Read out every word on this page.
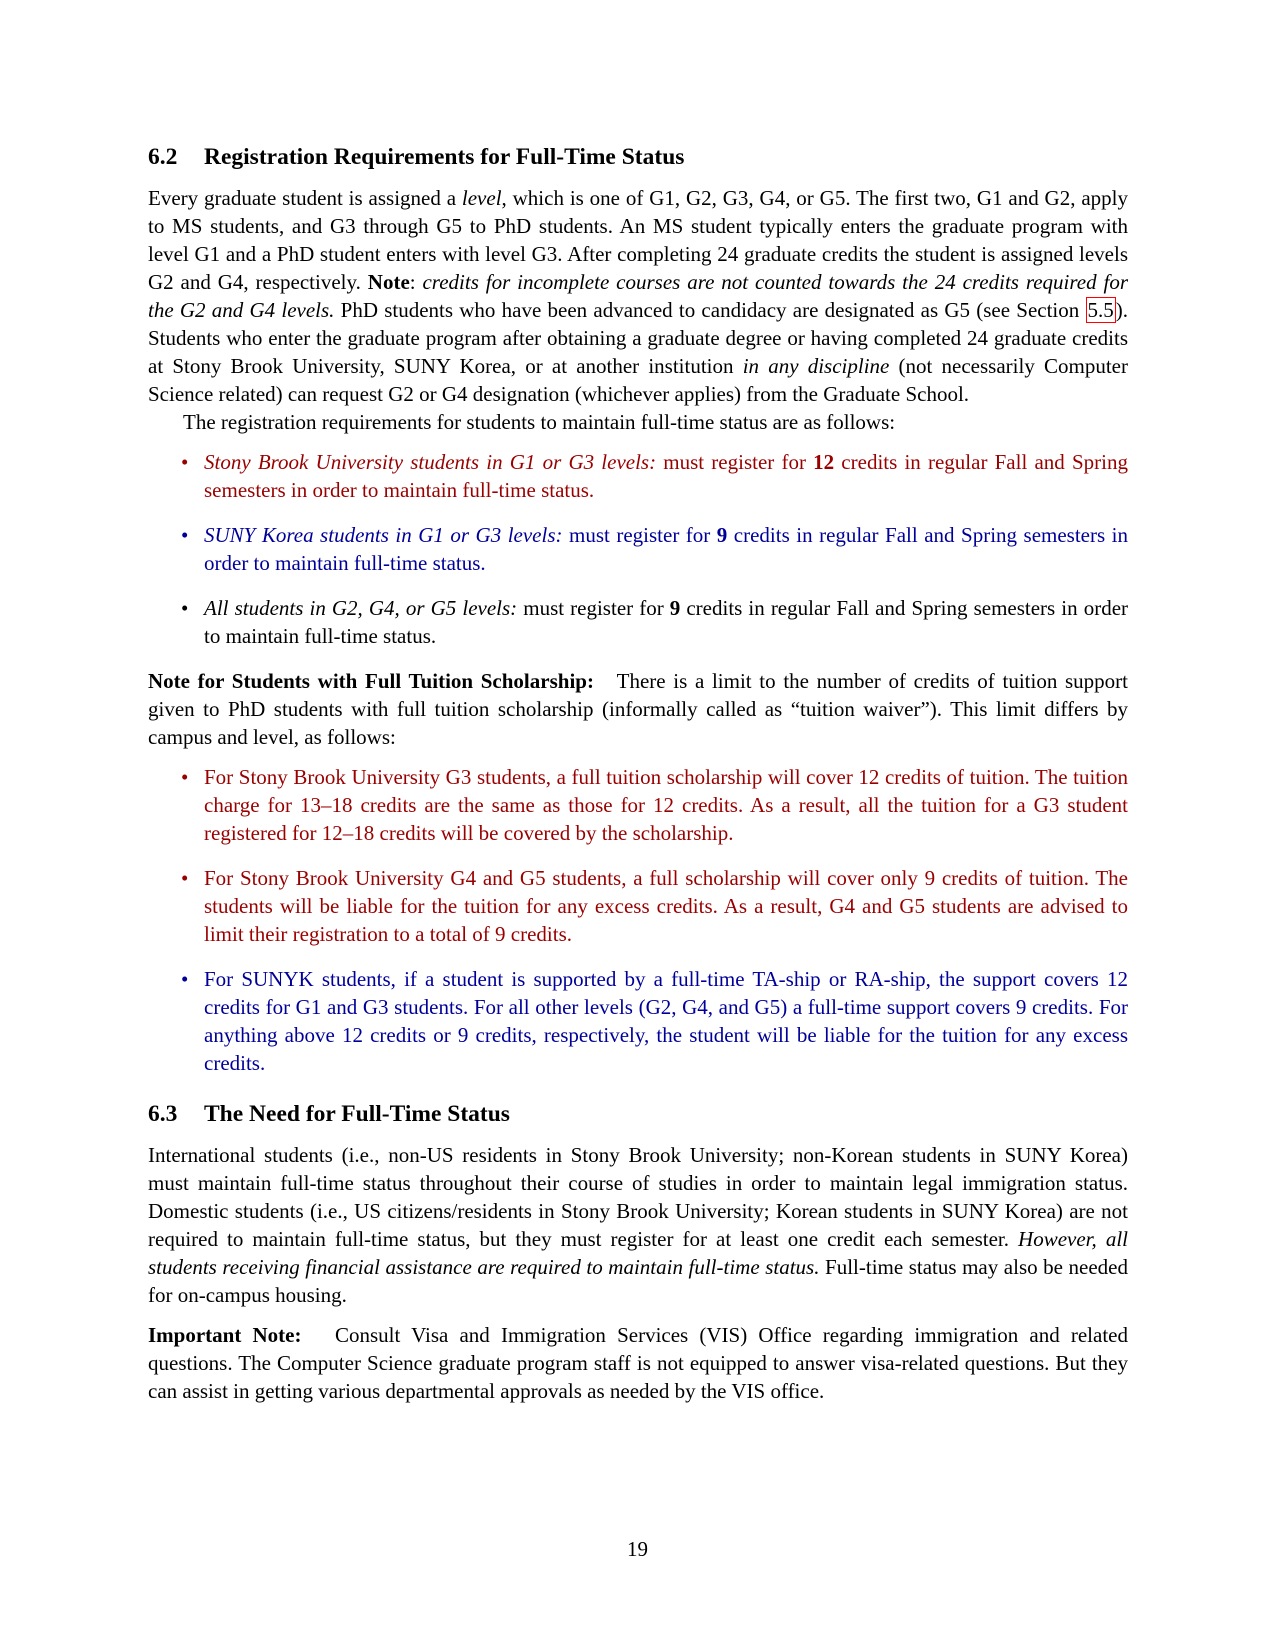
6.2 Registration Requirements for Full-Time Status

Every graduate student is assigned a level, which is one of G1, G2, G3, G4, or G5. The first two, G1 and G2, apply to MS students, and G3 through G5 to PhD students. An MS student typically enters the graduate program with level G1 and a PhD student enters with level G3. After completing 24 graduate credits the student is assigned levels G2 and G4, respectively. Note: credits for incomplete courses are not counted towards the 24 credits required for the G2 and G4 levels. PhD students who have been advanced to candidacy are designated as G5 (see Section 5.5). Students who enter the graduate program after obtaining a graduate degree or having completed 24 graduate credits at Stony Brook University, SUNY Korea, or at another institution in any discipline (not necessarily Computer Science related) can request G2 or G4 designation (whichever applies) from the Graduate School.

The registration requirements for students to maintain full-time status are as follows:

• Stony Brook University students in G1 or G3 levels: must register for 12 credits in regular Fall and Spring semesters in order to maintain full-time status.
• SUNY Korea students in G1 or G3 levels: must register for 9 credits in regular Fall and Spring semesters in order to maintain full-time status.
• All students in G2, G4, or G5 levels: must register for 9 credits in regular Fall and Spring semesters in order to maintain full-time status.

Note for Students with Full Tuition Scholarship: There is a limit to the number of credits of tuition support given to PhD students with full tuition scholarship (informally called as “tuition waiver”). This limit differs by campus and level, as follows:

• For Stony Brook University G3 students, a full tuition scholarship will cover 12 credits of tuition. The tuition charge for 13–18 credits are the same as those for 12 credits. As a result, all the tuition for a G3 student registered for 12–18 credits will be covered by the scholarship.
• For Stony Brook University G4 and G5 students, a full scholarship will cover only 9 credits of tuition. The students will be liable for the tuition for any excess credits. As a result, G4 and G5 students are advised to limit their registration to a total of 9 credits.
• For SUNYK students, if a student is supported by a full-time TA-ship or RA-ship, the support covers 12 credits for G1 and G3 students. For all other levels (G2, G4, and G5) a full-time support covers 9 credits. For anything above 12 credits or 9 credits, respectively, the student will be liable for the tuition for any excess credits.
6.3 The Need for Full-Time Status

International students (i.e., non-US residents in Stony Brook University; non-Korean students in SUNY Korea) must maintain full-time status throughout their course of studies in order to maintain legal immigration status. Domestic students (i.e., US citizens/residents in Stony Brook University; Korean students in SUNY Korea) are not required to maintain full-time status, but they must register for at least one credit each semester. However, all students receiving financial assistance are required to maintain full-time status. Full-time status may also be needed for on-campus housing.

Important Note: Consult Visa and Immigration Services (VIS) Office regarding immigration and related questions. The Computer Science graduate program staff is not equipped to answer visa-related questions. But they can assist in getting various departmental approvals as needed by the VIS office.

19
